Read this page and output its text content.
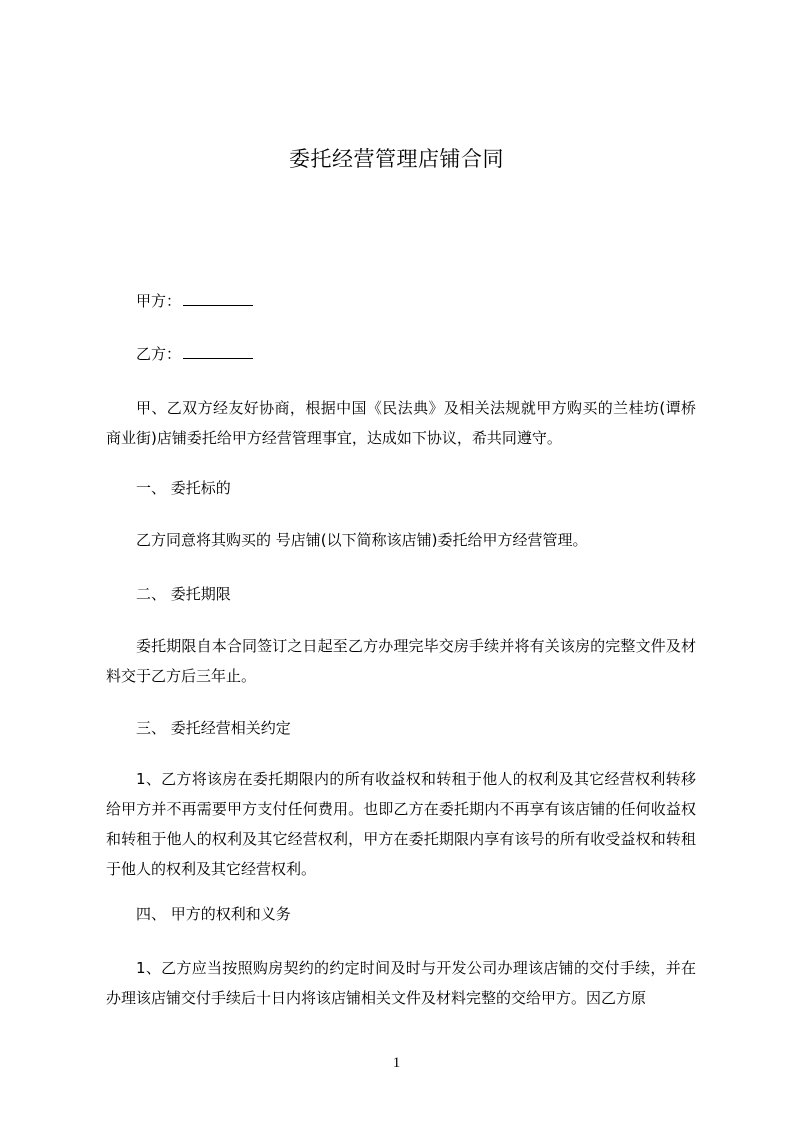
委托经营管理店铺合同
甲方：
乙方：
甲、乙双方经友好协商，根据中国《民法典》及相关法规就甲方购买的兰桂坊(谭桥商业街)店铺委托给甲方经营管理事宜，达成如下协议，希共同遵守。
一、 委托标的
乙方同意将其购买的 号店铺(以下简称该店铺)委托给甲方经营管理。
二、 委托期限
委托期限自本合同签订之日起至乙方办理完毕交房手续并将有关该房的完整文件及材料交于乙方后三年止。
三、 委托经营相关约定
1、乙方将该房在委托期限内的所有收益权和转租于他人的权利及其它经营权利转移给甲方并不再需要甲方支付任何费用。也即乙方在委托期内不再享有该店铺的任何收益权和转租于他人的权利及其它经营权利，甲方在委托期限内享有该号的所有收受益权和转租于他人的权利及其它经营权利。
四、 甲方的权利和义务
1、乙方应当按照购房契约的约定时间及时与开发公司办理该店铺的交付手续，并在办理该店铺交付手续后十日内将该店铺相关文件及材料完整的交给甲方。因乙方原
1
